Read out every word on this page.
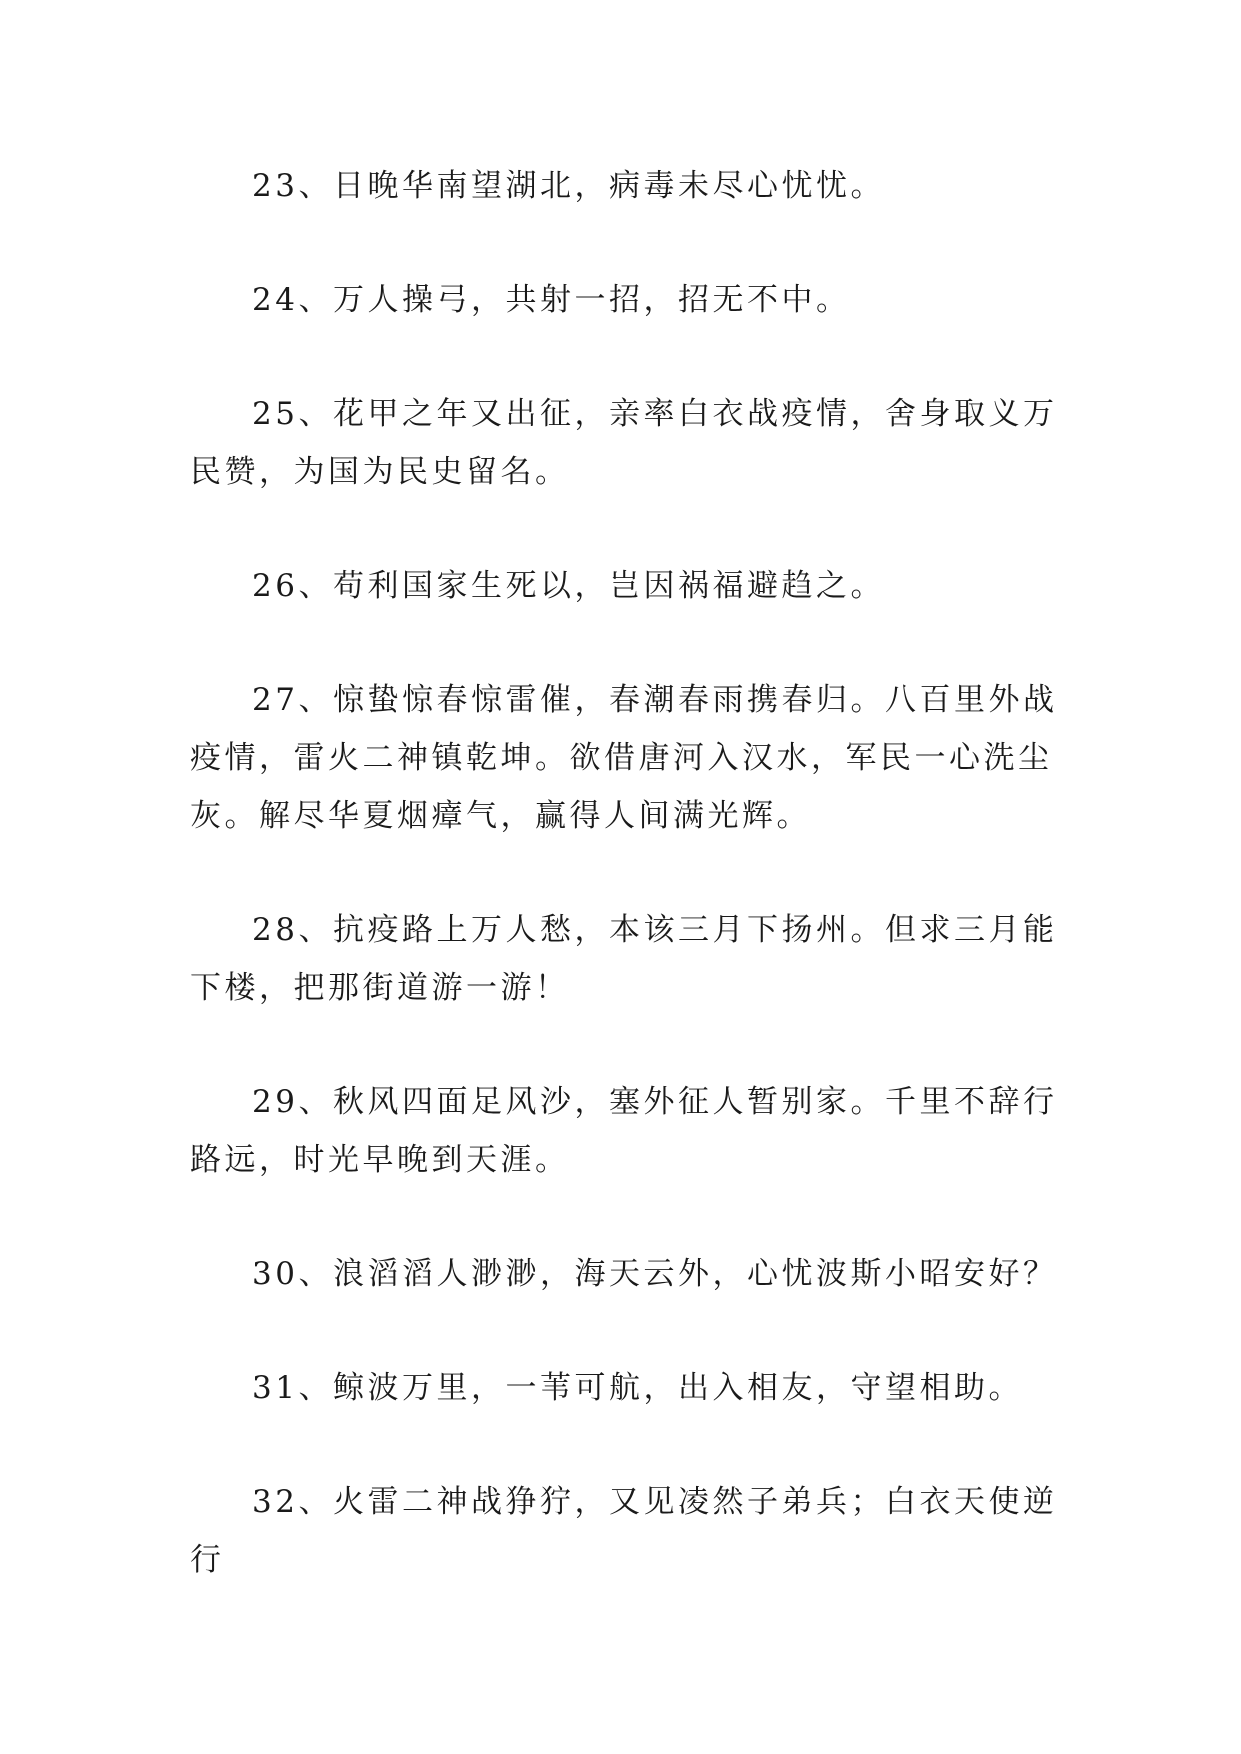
23、日晚华南望湖北，病毒未尽心忧忧。

24、万人操弓，共射一招，招无不中。

25、花甲之年又出征，亲率白衣战疫情，舍身取义万民赞，为国为民史留名。

26、苟利国家生死以，岂因祸福避趋之。

27、惊蛰惊春惊雷催，春潮春雨携春归。八百里外战疫情，雷火二神镇乾坤。欲借唐河入汉水，军民一心洗尘灰。解尽华夏烟瘴气，赢得人间满光辉。

28、抗疫路上万人愁，本该三月下扬州。但求三月能下楼，把那街道游一游！

29、秋风四面足风沙，塞外征人暂别家。千里不辞行路远，时光早晚到天涯。

30、浪滔滔人渺渺，海天云外，心忧波斯小昭安好？

31、鲸波万里，一苇可航，出入相友，守望相助。

32、火雷二神战狰狞，又见凌然子弟兵；白衣天使逆行
